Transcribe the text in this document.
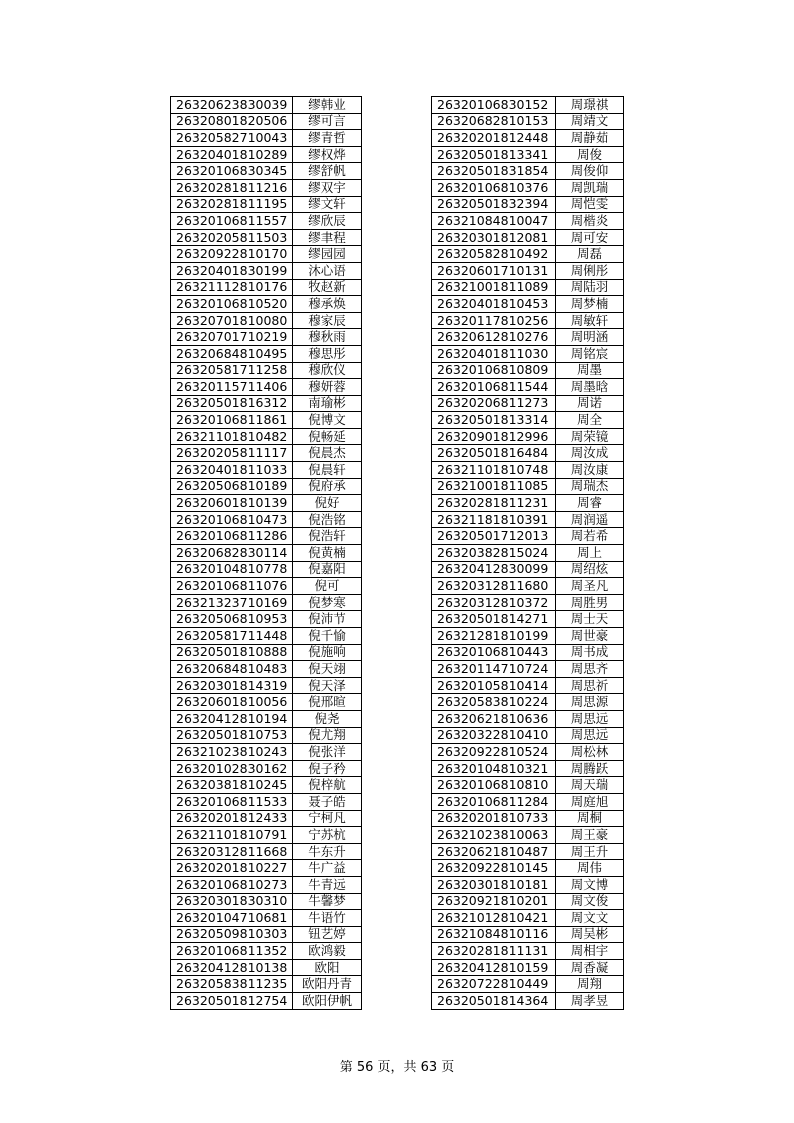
26320623830039	缪韩业
26320801820506	缪可言
26320582710043	缪青哲
26320401810289	缪权烨
26320106830345	缪舒帆
26320281811216	缪双宇
26320281811195	缪文轩
26320106811557	缪欣辰
26320205811503	缪聿程
26320922810170	缪园园
26320401830199	沐心语
26321112810176	牧赵新
26320106810520	穆承焕
26320701810080	穆家辰
26320701710219	穆秋雨
26320684810495	穆思彤
26320581711258	穆欣仪
26320115711406	穆妍蓉
26320501816312	南瑜彬
26320106811861	倪博文
26321101810482	倪畅延
26320205811117	倪晨杰
26320401811033	倪晨轩
26320506810189	倪府承
26320601810139	倪好
26320106810473	倪浩铭
26320106811286	倪浩轩
26320682830114	倪黄楠
26320104810778	倪嘉阳
26320106811076	倪可
26321323710169	倪梦寒
26320506810953	倪沛节
26320581711448	倪千愉
26320501810888	倪施响
26320684810483	倪天翊
26320301814319	倪天泽
26320601810056	倪邢暄
26320412810194	倪尧
26320501810753	倪尤翔
26321023810243	倪张洋
26320102830162	倪子矜
26320381810245	倪梓航
26320106811533	聂子皓
26320201812433	宁柯凡
26321101810791	宁苏杭
26320312811668	牛东升
26320201810227	牛广益
26320106810273	牛青远
26320301830310	牛馨梦
26320104710681	牛语竹
26320509810303	钮艺婷
26320106811352	欧鸿毅
26320412810138	欧阳
26320583811235	欧阳丹青
26320501812754	欧阳伊帆
26320106830152	周璟祺
26320682810153	周靖文
26320201812448	周静茹
26320501813341	周俊
26320501831854	周俊仰
26320106810376	周凯瑞
26320501832394	周恺雯
26321084810047	周楷炎
26320301812081	周可安
26320582810492	周磊
26320601710131	周俐彤
26321001811089	周陆羽
26320401810453	周梦楠
26320117810256	周敏轩
26320612810276	周明涵
26320401811030	周铭宸
26320106810809	周墨
26320106811544	周墨晗
26320206811273	周诺
26320501813314	周全
26320901812996	周荣镜
26320501816484	周汝成
26321101810748	周汝康
26321001811085	周瑞杰
26320281811231	周睿
26321181810391	周润遥
26320501712013	周若希
26320382815024	周上
26320412830099	周绍炫
26320312811680	周圣凡
26320312810372	周胜男
26320501814271	周士天
26321281810199	周世豪
26320106810443	周书成
26320114710724	周思齐
26320105810414	周思祈
26320583810224	周思源
26320621810636	周思远
26320322810410	周思远
26320922810524	周松林
26320104810321	周腾跃
26320106810810	周天瑞
26320106811284	周庭旭
26320201810733	周桐
26321023810063	周王豪
26320621810487	周王升
26320922810145	周伟
26320301810181	周文博
26320921810201	周文俊
26321012810421	周文文
26321084810116	周吴彬
26320281811131	周相宇
26320412810159	周香凝
26320722810449	周翔
26320501814364	周孝昱
第 56 页，共 63 页
